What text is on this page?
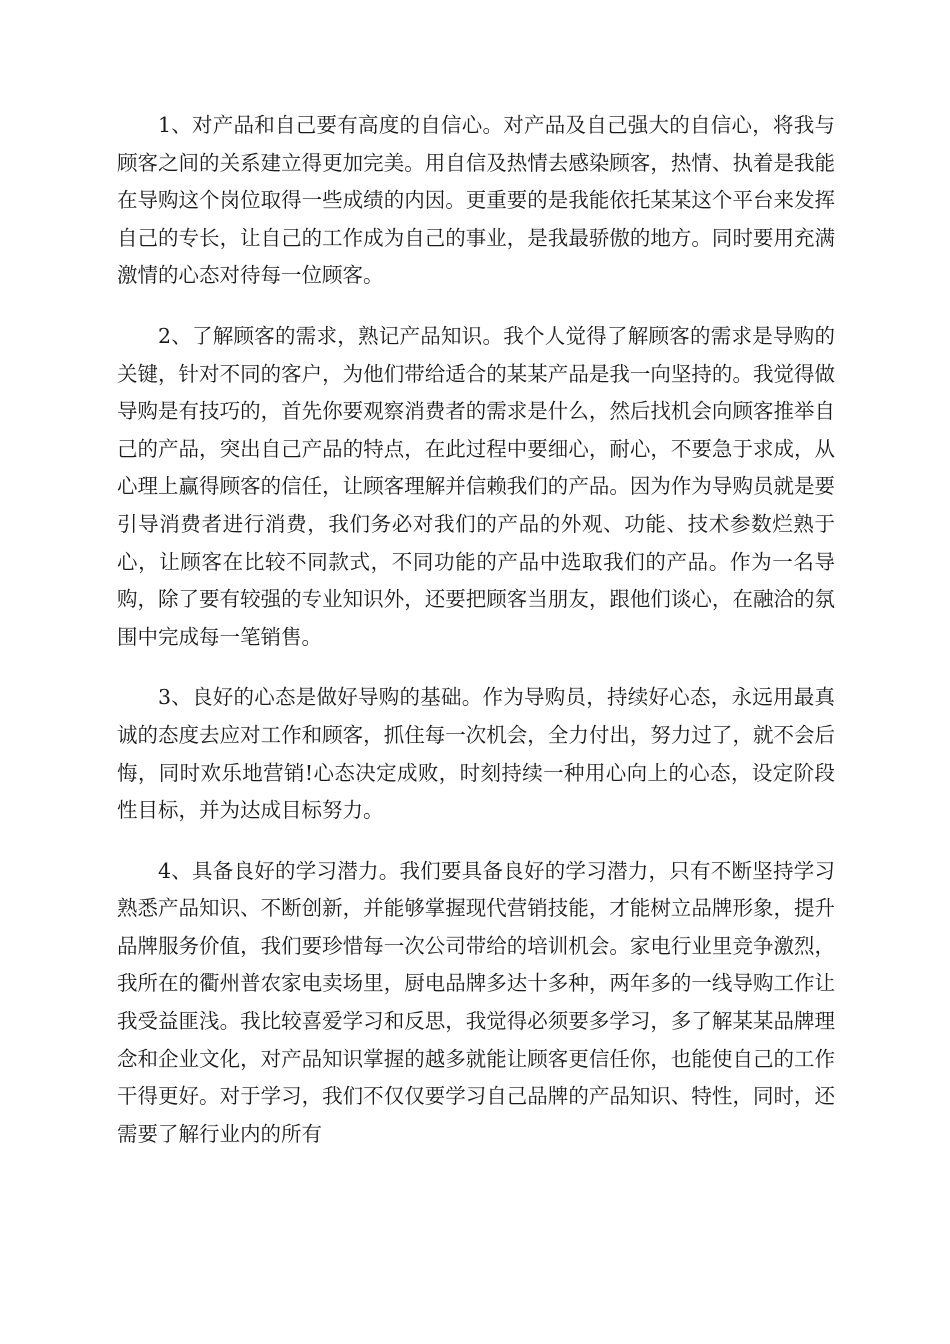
1、对产品和自己要有高度的自信心。对产品及自己强大的自信心，将我与顾客之间的关系建立得更加完美。用自信及热情去感染顾客，热情、执着是我能在导购这个岗位取得一些成绩的内因。更重要的是我能依托某某这个平台来发挥自己的专长，让自己的工作成为自己的事业，是我最骄傲的地方。同时要用充满激情的心态对待每一位顾客。

2、了解顾客的需求，熟记产品知识。我个人觉得了解顾客的需求是导购的关键，针对不同的客户，为他们带给适合的某某产品是我一向坚持的。我觉得做导购是有技巧的，首先你要观察消费者的需求是什么，然后找机会向顾客推举自己的产品，突出自己产品的特点，在此过程中要细心，耐心，不要急于求成，从心理上赢得顾客的信任，让顾客理解并信赖我们的产品。因为作为导购员就是要引导消费者进行消费，我们务必对我们的产品的外观、功能、技术参数烂熟于心，让顾客在比较不同款式，不同功能的产品中选取我们的产品。作为一名导购，除了要有较强的专业知识外，还要把顾客当朋友，跟他们谈心，在融洽的氛围中完成每一笔销售。

3、良好的心态是做好导购的基础。作为导购员，持续好心态，永远用最真诚的态度去应对工作和顾客，抓住每一次机会，全力付出，努力过了，就不会后悔，同时欢乐地营销!心态决定成败，时刻持续一种用心向上的心态，设定阶段性目标，并为达成目标努力。

4、具备良好的学习潜力。我们要具备良好的学习潜力，只有不断坚持学习熟悉产品知识、不断创新，并能够掌握现代营销技能，才能树立品牌形象，提升品牌服务价值，我们要珍惜每一次公司带给的培训机会。家电行业里竞争激烈，我所在的衢州普农家电卖场里，厨电品牌多达十多种，两年多的一线导购工作让我受益匪浅。我比较喜爱学习和反思，我觉得必须要多学习，多了解某某品牌理念和企业文化，对产品知识掌握的越多就能让顾客更信任你，也能使自己的工作干得更好。对于学习，我们不仅仅要学习自己品牌的产品知识、特性，同时，还需要了解行业内的所有
